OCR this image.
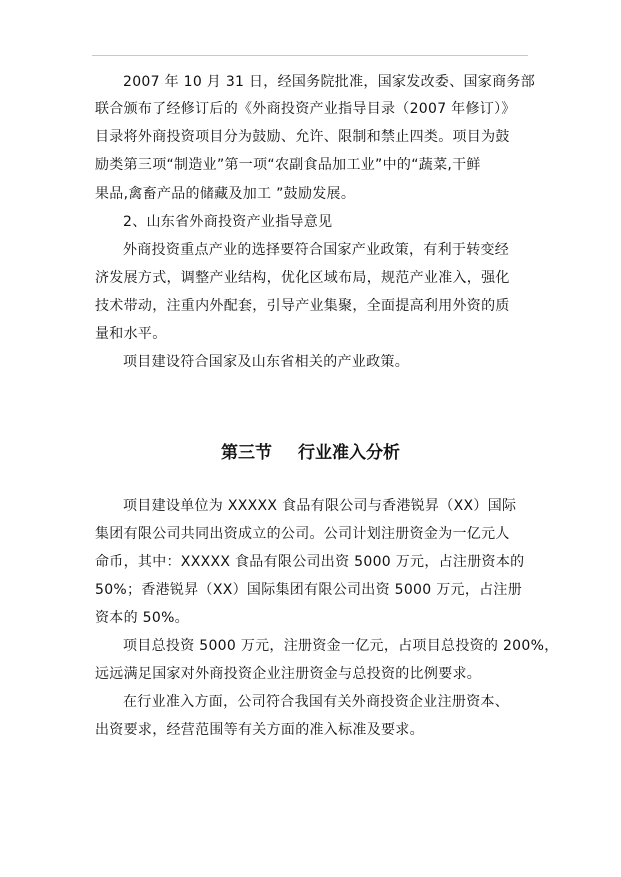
2007 年 10 月 31 日，经国务院批准，国家发改委、国家商务部
联合颁布了经修订后的《外商投资产业指导目录（2007 年修订）》
目录将外商投资项目分为鼓励、允许、限制和禁止四类。项目为鼓
励类第三项“制造业”第一项“农副食品加工业”中的“蔬菜,干鲜
果品,禽畜产品的储藏及加工 ”鼓励发展。
2、山东省外商投资产业指导意见
外商投资重点产业的选择要符合国家产业政策，有利于转变经
济发展方式，调整产业结构，优化区域布局，规范产业准入，强化
技术带动，注重内外配套，引导产业集聚，全面提高利用外资的质
量和水平。
项目建设符合国家及山东省相关的产业政策。
第三节 行业准入分析
项目建设单位为 XXXXX 食品有限公司与香港锐昇（XX）国际
集团有限公司共同出资成立的公司。公司计划注册资金为一亿元人
命币，其中：XXXXX 食品有限公司出资 5000 万元，占注册资本的
50%；香港锐昇（XX）国际集团有限公司出资 5000 万元，占注册
资本的 50%。
项目总投资 5000 万元，注册资金一亿元，占项目总投资的 200%，
远远满足国家对外商投资企业注册资金与总投资的比例要求。
在行业准入方面，公司符合我国有关外商投资企业注册资本、
出资要求，经营范围等有关方面的准入标准及要求。
